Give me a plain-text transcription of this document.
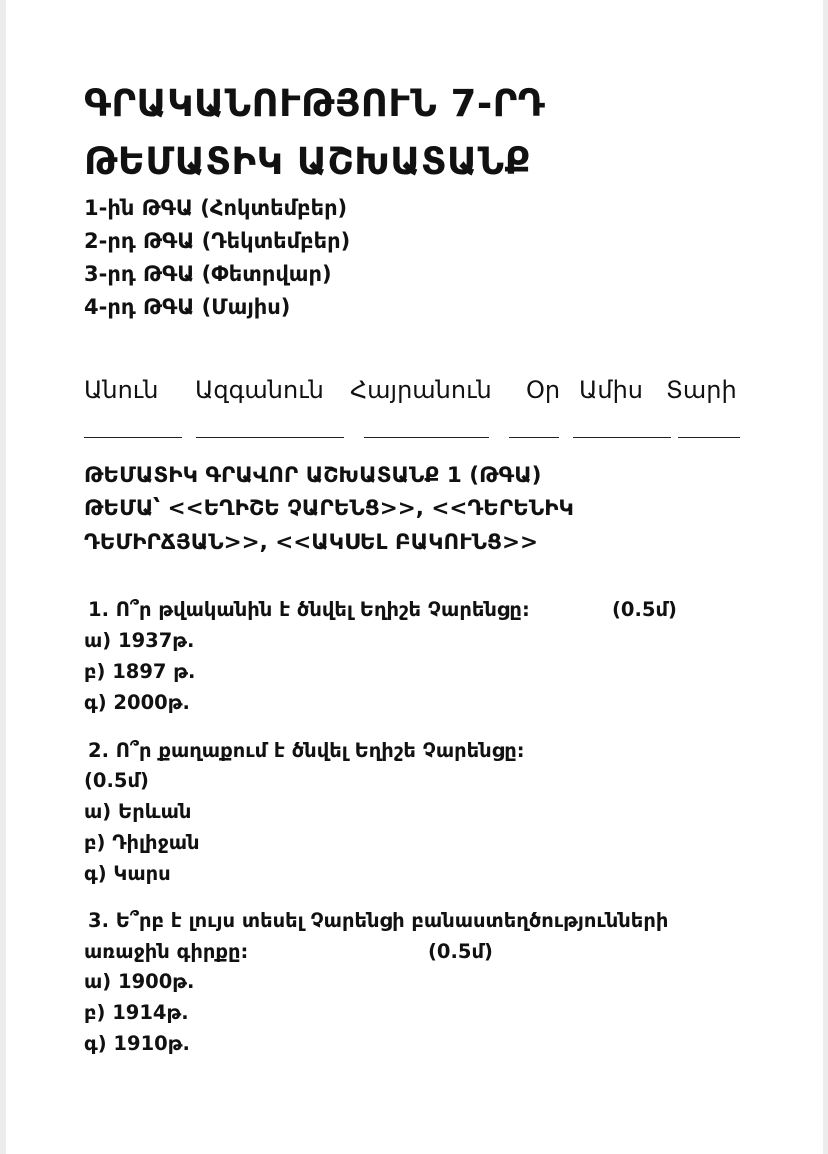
ԳՐԱԿԱՆՈՒԹՅՈՒՆ 7-ՐԴ
ԹԵՄԱՏԻԿ ԱՇԽԱՏԱՆՔ
1-ին ԹԳԱ (Հոկտեմբեր)
2-րդ ԹԳԱ (Դեկտեմբեր)
3-րդ ԹԳԱ (Փետրվար)
4-րդ ԹԳԱ (Մայիս)
Անուն Ազգանուն Հայրանուն Օր Ամիս Տարի
ԹԵՄԱՏԻԿ ԳՐԱՎՈՐ ԱՇԽԱՏԱՆՔ 1 (ԹԳԱ)
ԹԵՄԱ՝ <<ԵՂԻՇԵ ՉԱՐԵՆՑ>>, <<ԴԵՐԵՆԻԿ
ԴԵՄԻՐՃՅԱՆ>>, <<ԱԿՍԵԼ ԲԱԿՈՒՆՑ>>
1. Ո՞ր թվականին է ծնվել Եղիշե Չարենցը:	(0.5մ)
ա) 1937թ.
բ) 1897 թ.
գ) 2000թ.
2. Ո՞ր քաղաքում է ծնվել Եղիշե Չարենցը:
(0.5մ)
ա) Երևան
բ) Դիլիջան
գ) Կարս
3. Ե՞րբ է լույս տեսել Չարենցի բանաստեղծությունների
առաջին գիրքը:	(0.5մ)
ա) 1900թ.
բ) 1914թ.
գ) 1910թ.
